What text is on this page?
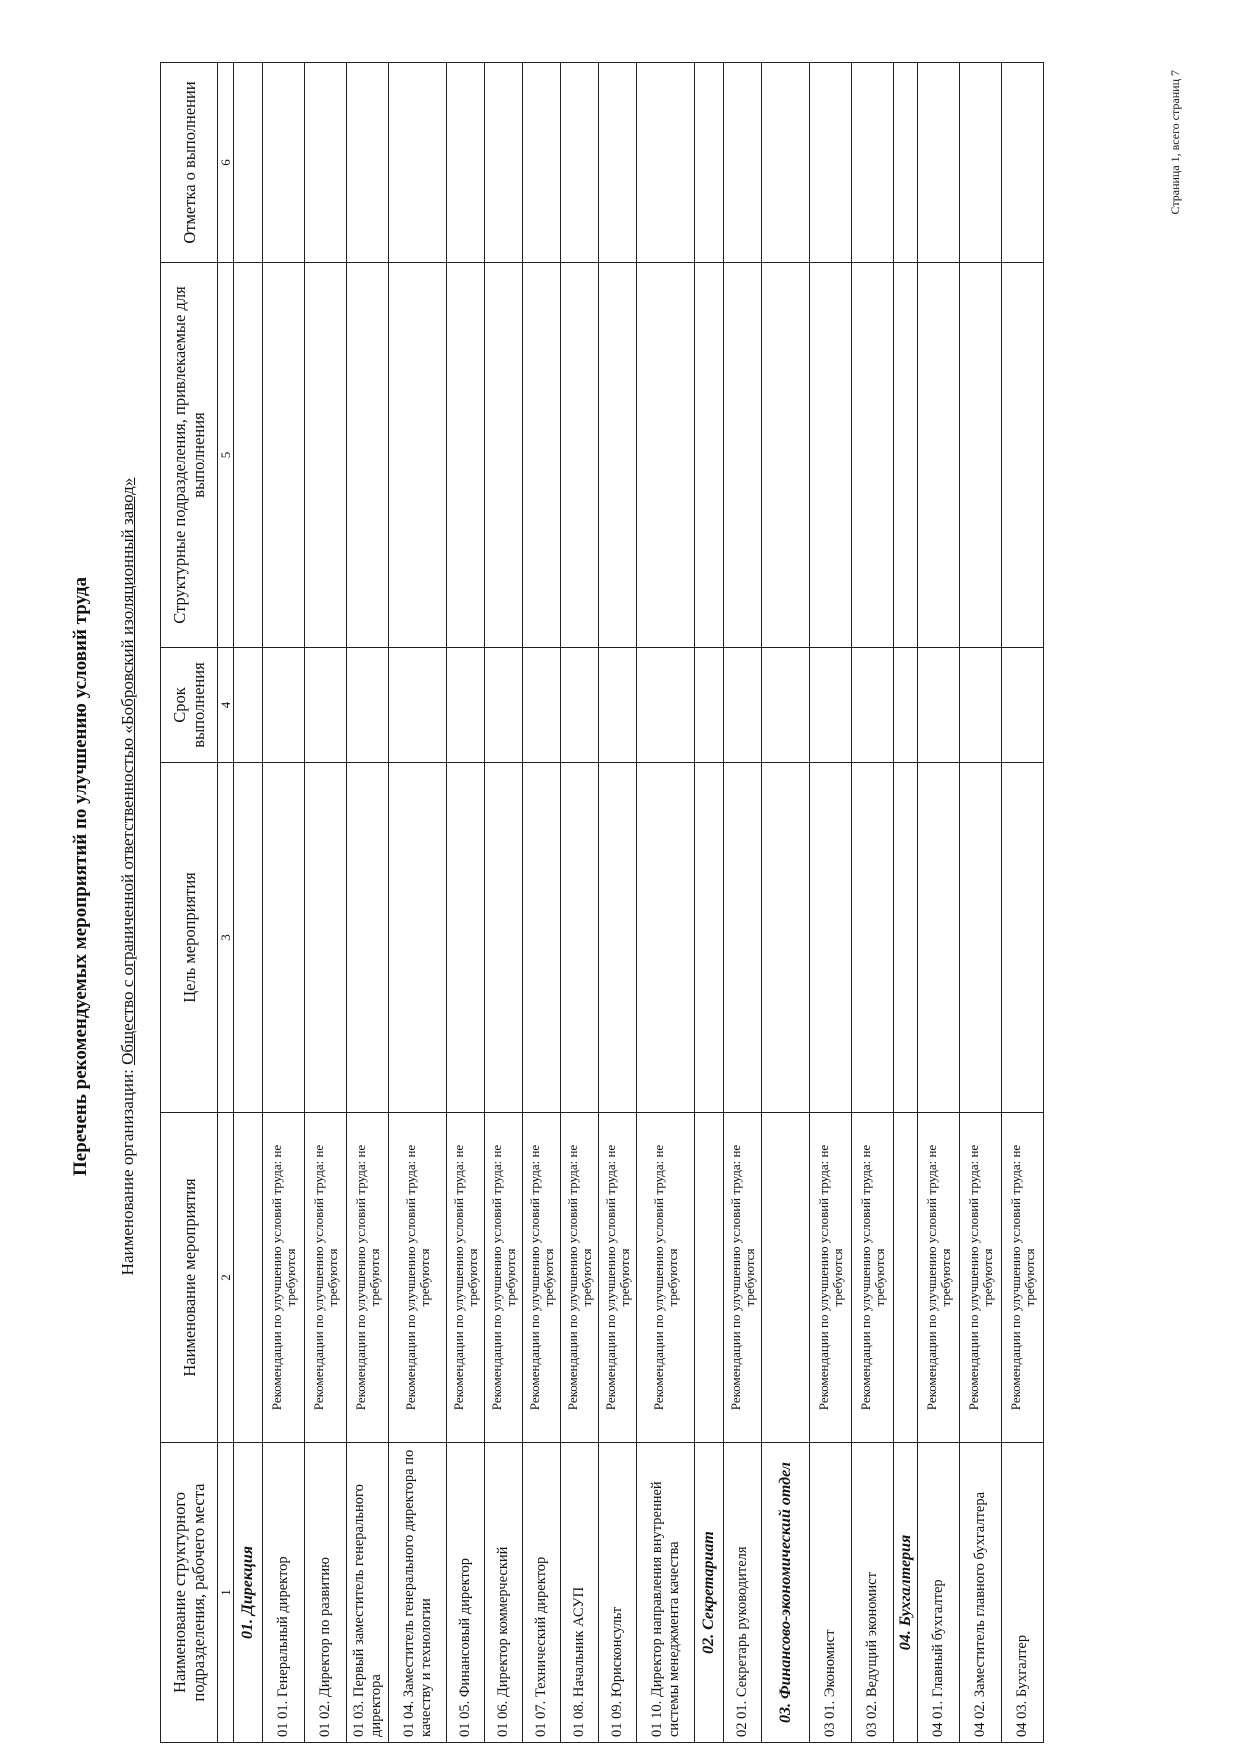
Перечень рекомендуемых мероприятий по улучшению условий труда Наименование организации: Общество с ограниченной ответственностью «Бобровский изоляционный завод»
Наименование структурного подразделения, рабочего места	Наименование мероприятия	Цель мероприятия	Срок выполнения	Структурные подразделения, привлекаемые для выполнения	Отметка о выполнении
1	2	3	4	5	6
01. Дирекция					
01 01. Генеральный директор	Рекомендации по улучшению условий труда: не требуются				
01 02. Директор по развитию	Рекомендации по улучшению условий труда: не требуются				
01 03. Первый заместитель генерального директора	Рекомендации по улучшению условий труда: не требуются				
01 04. Заместитель генерального директора по качеству и технологии	Рекомендации по улучшению условий труда: не требуются				
01 05. Финансовый директор	Рекомендации по улучшению условий труда: не требуются				
01 06. Директор коммерческий	Рекомендации по улучшению условий труда: не требуются				
01 07. Технический директор	Рекомендации по улучшению условий труда: не требуются				
01 08. Начальник АСУП	Рекомендации по улучшению условий труда: не требуются				
01 09. Юрисконсульт	Рекомендации по улучшению условий труда: не требуются				
01 10. Директор направления внутренней системы менеджмента качества	Рекомендации по улучшению условий труда: не требуются				
02. Секретариат					
02 01. Секретарь руководителя	Рекомендации по улучшению условий труда: не требуются				
03. Финансово-экономический отдел					
03 01. Экономист	Рекомендации по улучшению условий труда: не требуются				
03 02. Ведущий экономист	Рекомендации по улучшению условий труда: не требуются				
04. Бухгалтерия					
04 01. Главный бухгалтер	Рекомендации по улучшению условий труда: не требуются				
04 02. Заместитель главного бухгалтера	Рекомендации по улучшению условий труда: не требуются				
04 03. Бухгалтер	Рекомендации по улучшению условий труда: не требуются				
Страница 1, всего страниц 7
